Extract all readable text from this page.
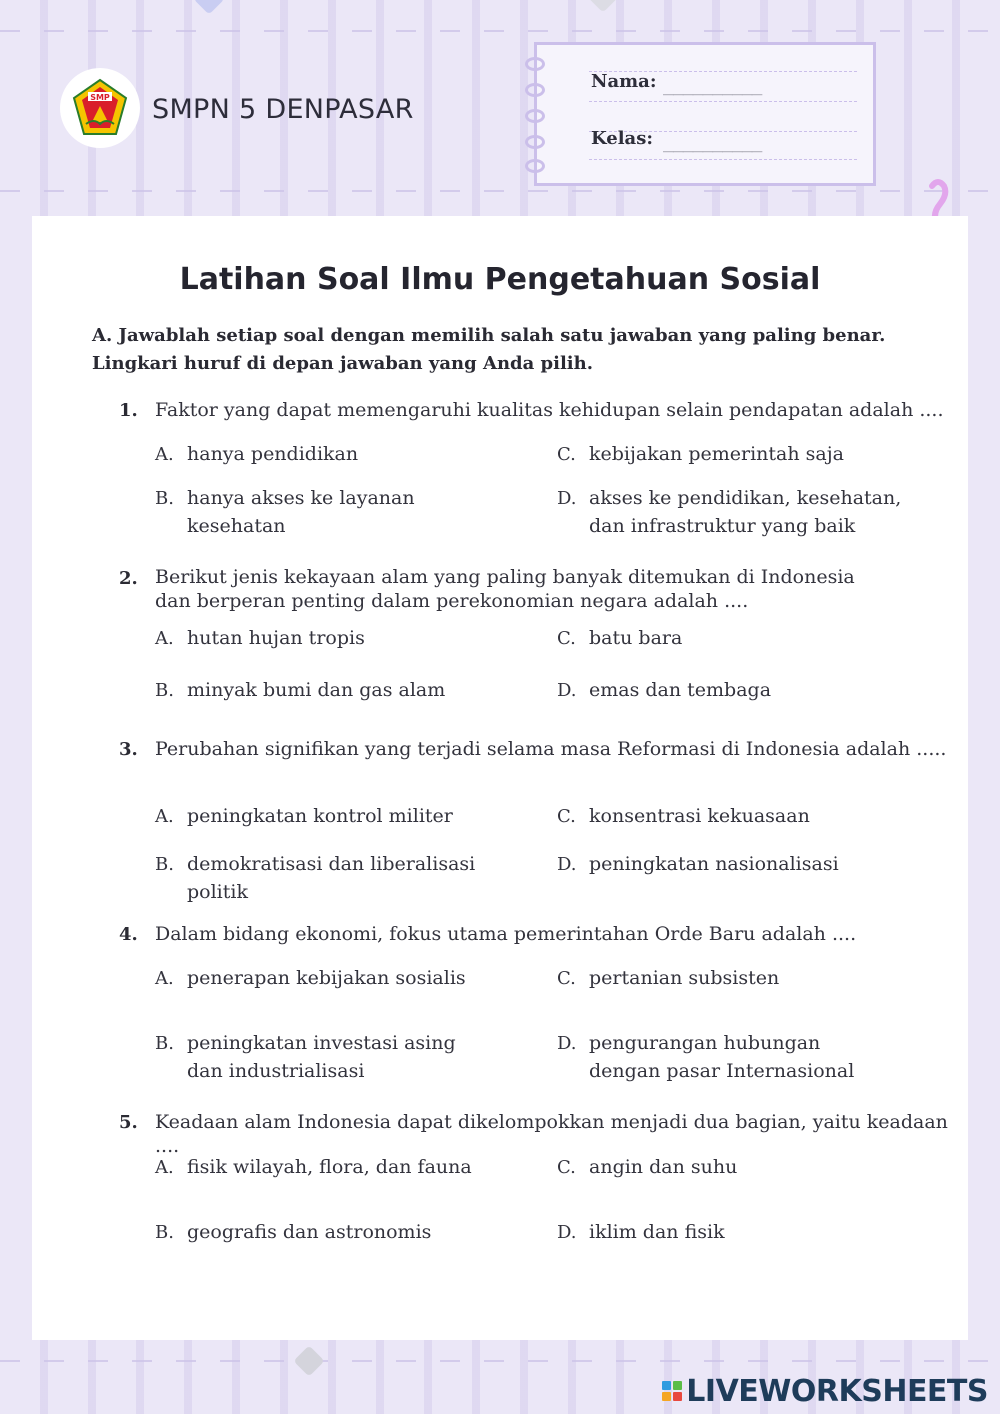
SMP SMPN 5 DENPASAR
Nama: __________
Kelas: __________
Latihan Soal Ilmu Pengetahuan Sosial
A. Jawablah setiap soal dengan memilih salah satu jawaban yang paling benar. Lingkari huruf di depan jawaban yang Anda pilih.
1. Faktor yang dapat memengaruhi kualitas kehidupan selain pendapatan adalah ....
A. hanya pendidikan
B. hanya akses ke layanan kesehatan
C. kebijakan pemerintah saja
D. akses ke pendidikan, kesehatan, dan infrastruktur yang baik
2. Berikut jenis kekayaan alam yang paling banyak ditemukan di Indonesia dan berperan penting dalam perekonomian negara adalah ....
A. hutan hujan tropis
B. minyak bumi dan gas alam
C. batu bara
D. emas dan tembaga
3. Perubahan signifikan yang terjadi selama masa Reformasi di Indonesia adalah .....
A. peningkatan kontrol militer
B. demokratisasi dan liberalisasi politik
C. konsentrasi kekuasaan
D. peningkatan nasionalisasi
4. Dalam bidang ekonomi, fokus utama pemerintahan Orde Baru adalah ....
A. penerapan kebijakan sosialis
B. peningkatan investasi asing dan industrialisasi
C. pertanian subsisten
D. pengurangan hubungan dengan pasar Internasional
5. Keadaan alam Indonesia dapat dikelompokkan menjadi dua bagian, yaitu keadaan ....
A. fisik wilayah, flora, dan fauna
B. geografis dan astronomis
C. angin dan suhu
D. iklim dan fisik
LIVEWORKSHEETS
